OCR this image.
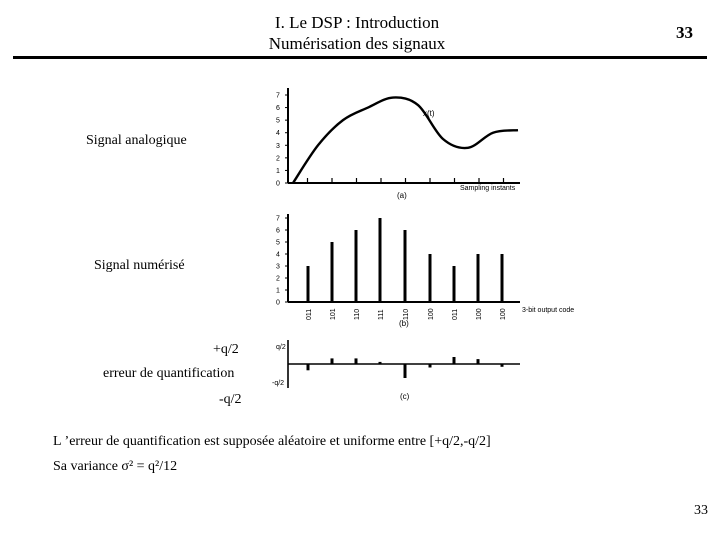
I. Le DSP : Introduction
Numérisation des signaux
33
Signal analogique
Signal numérisé
+q/2
erreur de quantification
-q/2
L ’erreur de quantification est supposée aléatoire et uniforme entre [+q/2,-q/2]
Sa variance σ² = q²/12
33
7
6
5
4
3
2
1
0
x(t)
Sampling instants
(a)
7
6
5
4
3
2
1
0
011 101 110 111	110	100 011 100 100 3-bit output code
(b)
q/2
-q/2
(c)
